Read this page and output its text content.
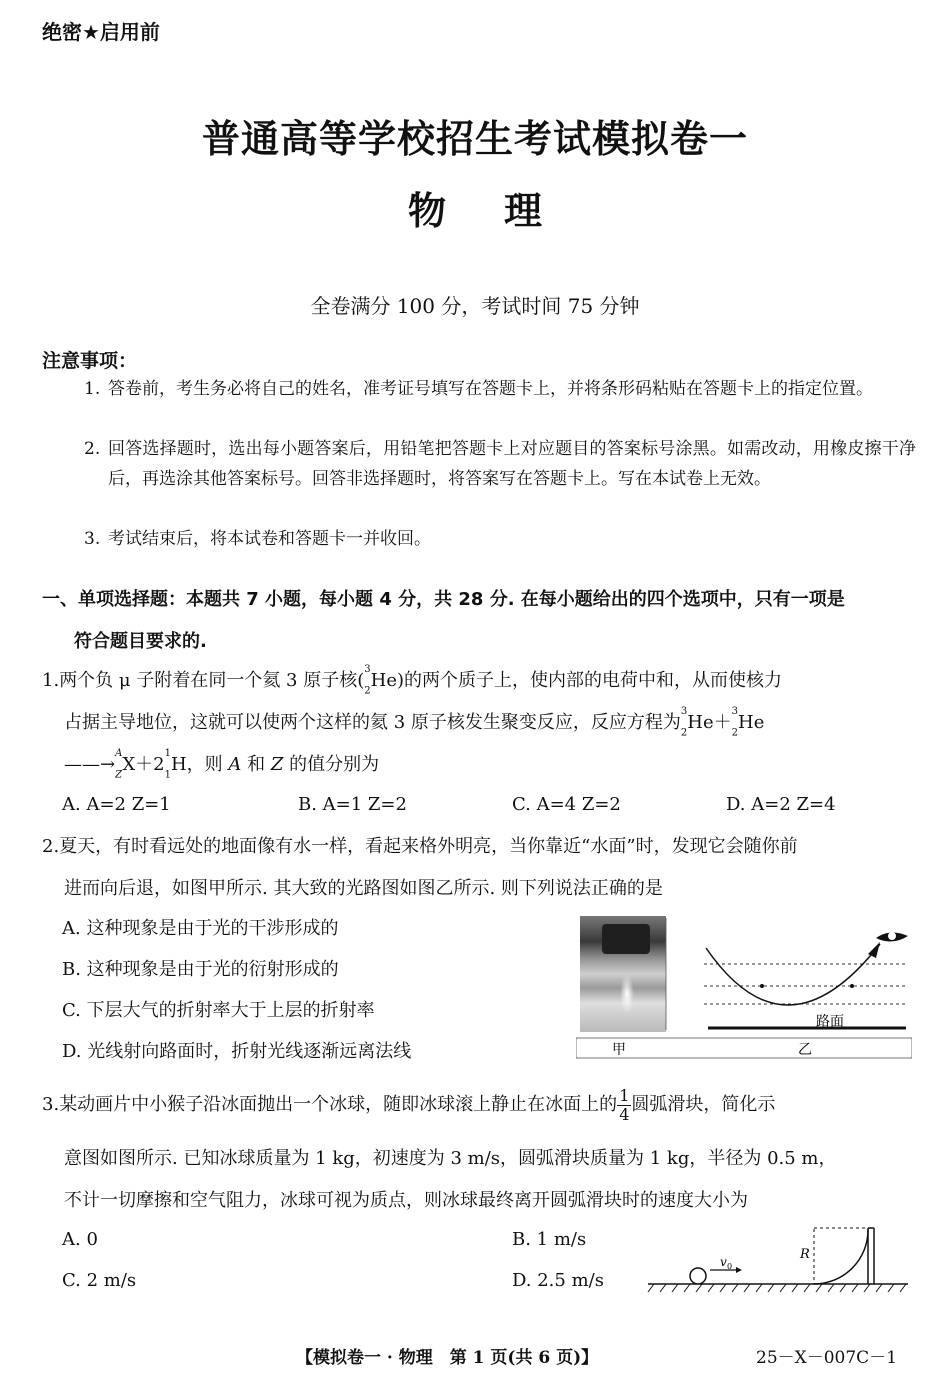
绝密★启用前
普通高等学校招生考试模拟卷一
物理
全卷满分 100 分，考试时间 75 分钟
注意事项：
1. 答卷前，考生务必将自己的姓名，准考证号填写在答题卡上，并将条形码粘贴在答题卡上的指定位置。
2. 回答选择题时，选出每小题答案后，用铅笔把答题卡上对应题目的答案标号涂黑。如需改动，用橡皮擦干净后，再选涂其他答案标号。回答非选择题时，将答案写在答题卡上。写在本试卷上无效。
3. 考试结束后，将本试卷和答题卡一并收回。
一、单项选择题：本题共 7 小题，每小题 4 分，共 28 分. 在每小题给出的四个选项中，只有一项是
符合题目要求的.
1.两个负 μ 子附着在同一个氦 3 原子核($^3$
$_2$He)的两个质子上，使内部的电荷中和，从而使核力
占据主导地位，这就可以使两个这样的氦 3 原子核发生聚变反应，反应方程为$^3$
$_2$He＋$^3$
$_2$He
——→$^A$
$_ZX+2^1$
$_1$H，则 A 和 Z 的值分别为
A. A=2 Z=1	B. A=1 Z=2	C. A=4 Z=2	D. A=2 Z=4
2.夏天，有时看远处的地面像有水一样，看起来格外明亮，当你靠近“水面”时，发现它会随你前
进而向后退，如图甲所示. 其大致的光路图如图乙所示. 则下列说法正确的是
A. 这种现象是由于光的干涉形成的
B. 这种现象是由于光的衍射形成的
C. 下层大气的折射率大于上层的折射率
D. 光线射向路面时，折射光线逐渐远离法线
路面
甲	乙
3.某动画片中小猴子沿冰面抛出一个冰球，随即冰球滚上静止在冰面上的 $\frac{1}{4}$ 圆弧滑块，简化示
意图如图所示. 已知冰球质量为 1 kg，初速度为 3 m/s，圆弧滑块质量为 1 kg，半径为 0.5 m，
不计一切摩擦和空气阻力，冰球可视为质点，则冰球最终离开圆弧滑块时的速度大小为
A. 0	B. 1 m/s
C. 2 m/s	D. 2.5 m/s
v 0
R
【模拟卷一 · 物理　第 1 页(共 6 页)】	25－X－007C－1
